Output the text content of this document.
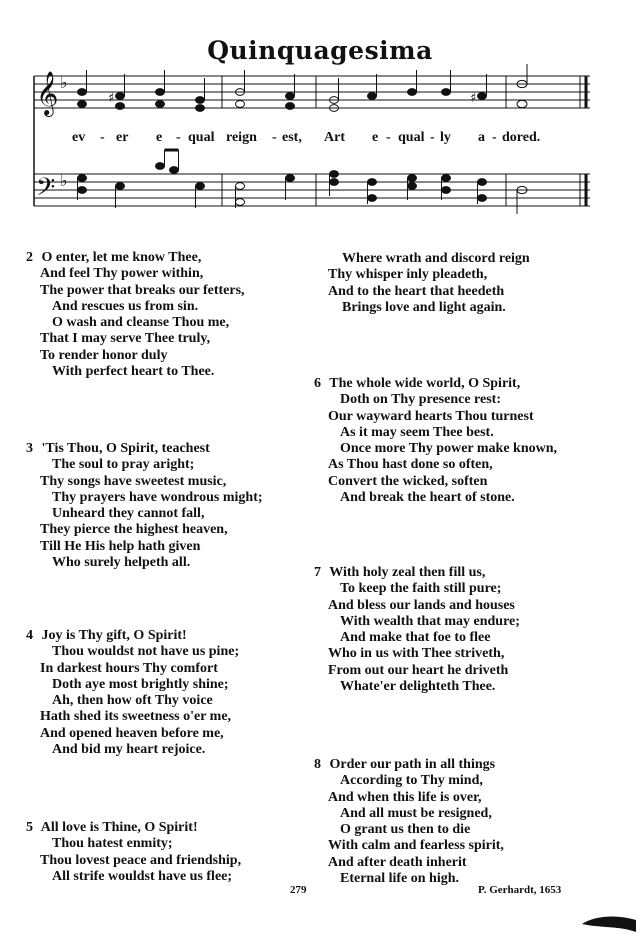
Quinquagesima
𝄞
𝄢
♭
♭
♯	♯
ev - er e - qual reign - est, Art e - qual - ly a - dored.
2 O enter, let me know Thee,
And feel Thy power within,
The power that breaks our fetters,
And rescues us from sin.
O wash and cleanse Thou me,
That I may serve Thee truly,
To render honor duly
With perfect heart to Thee.
3 'Tis Thou, O Spirit, teachest
The soul to pray aright;
Thy songs have sweetest music,
Thy prayers have wondrous might;
Unheard they cannot fall,
They pierce the highest heaven,
Till He His help hath given
Who surely helpeth all.
4 Joy is Thy gift, O Spirit!
Thou wouldst not have us pine;
In darkest hours Thy comfort
Doth aye most brightly shine;
Ah, then how oft Thy voice
Hath shed its sweetness o'er me,
And opened heaven before me,
And bid my heart rejoice.
5 All love is Thine, O Spirit!
Thou hatest enmity;
Thou lovest peace and friendship,
All strife wouldst have us flee;
Where wrath and discord reign
Thy whisper inly pleadeth,
And to the heart that heedeth
Brings love and light again.
6 The whole wide world, O Spirit,
Doth on Thy presence rest:
Our wayward hearts Thou turnest
As it may seem Thee best.
Once more Thy power make known,
As Thou hast done so often,
Convert the wicked, soften
And break the heart of stone.
7 With holy zeal then fill us,
To keep the faith still pure;
And bless our lands and houses
With wealth that may endure;
And make that foe to flee
Who in us with Thee striveth,
From out our heart he driveth
Whate'er delighteth Thee.
8 Order our path in all things
According to Thy mind,
And when this life is over,
And all must be resigned,
O grant us then to die
With calm and fearless spirit,
And after death inherit
Eternal life on high.
279	P. Gerhardt, 1653
